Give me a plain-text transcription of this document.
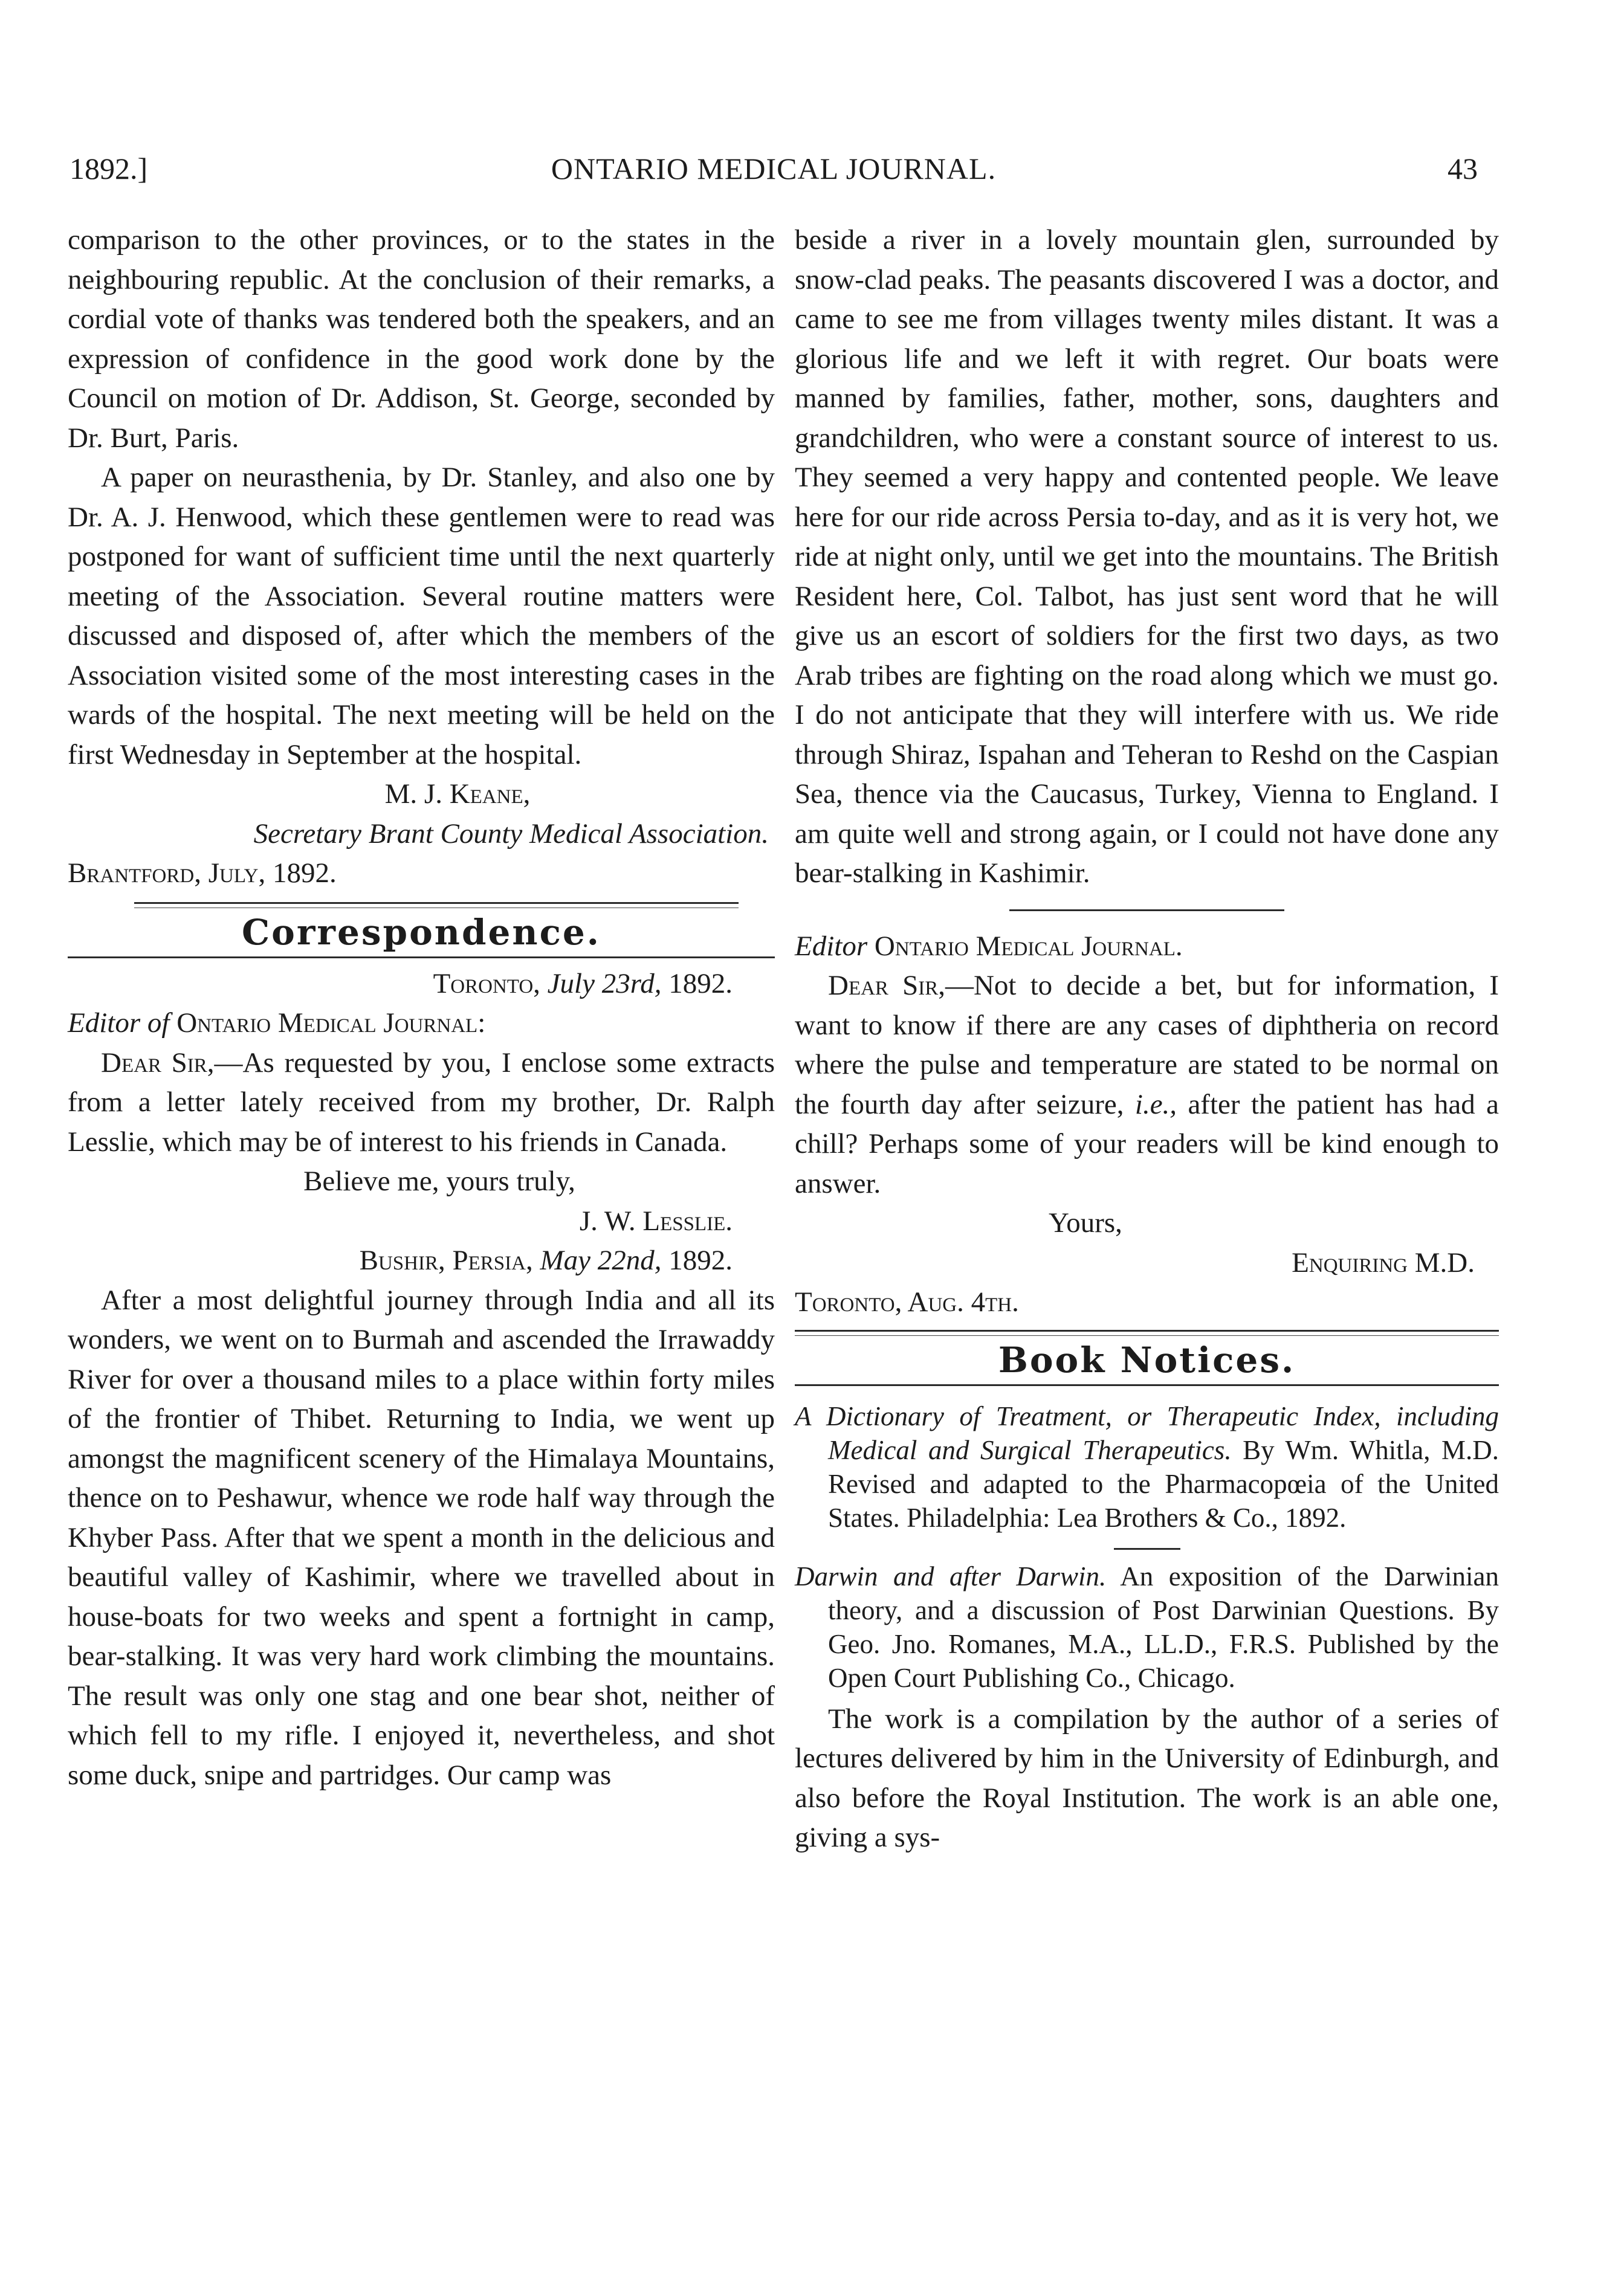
1892.]	ONTARIO MEDICAL JOURNAL.	43

comparison to the other provinces, or to the states in the neighbouring republic. At the conclusion of their remarks, a cordial vote of thanks was tendered both the speakers, and an expression of confidence in the good work done by the Council on motion of Dr. Addison, St. George, seconded by Dr. Burt, Paris.

A paper on neurasthenia, by Dr. Stanley, and also one by Dr. A. J. Henwood, which these gentlemen were to read was postponed for want of sufficient time until the next quarterly meeting of the Association. Several routine matters were discussed and disposed of, after which the members of the Association visited some of the most interesting cases in the wards of the hospital. The next meeting will be held on the first Wednesday in September at the hospital.

M. J. Keane,
Secretary Brant County Medical Association.
Brantford, July, 1892.
Correspondence.
Toronto, July 23rd, 1892.
Editor of Ontario Medical Journal:

Dear Sir,—As requested by you, I enclose some extracts from a letter lately received from my brother, Dr. Ralph Lesslie, which may be of interest to his friends in Canada.

Believe me, yours truly,
J. W. Lesslie.
Bushir, Persia, May 22nd, 1892.

After a most delightful journey through India and all its wonders, we went on to Burmah and ascended the Irrawaddy River for over a thousand miles to a place within forty miles of the frontier of Thibet. Returning to India, we went up amongst the magnificent scenery of the Himalaya Mountains, thence on to Peshawur, whence we rode half way through the Khyber Pass. After that we spent a month in the delicious and beautiful valley of Kashimir, where we travelled about in house-boats for two weeks and spent a fortnight in camp, bear-stalking. It was very hard work climbing the mountains. The result was only one stag and one bear shot, neither of which fell to my rifle. I enjoyed it, nevertheless, and shot some duck, snipe and partridges. Our camp was

beside a river in a lovely mountain glen, surrounded by snow-clad peaks. The peasants discovered I was a doctor, and came to see me from villages twenty miles distant. It was a glorious life and we left it with regret. Our boats were manned by families, father, mother, sons, daughters and grandchildren, who were a constant source of interest to us. They seemed a very happy and contented people. We leave here for our ride across Persia to-day, and as it is very hot, we ride at night only, until we get into the mountains. The British Resident here, Col. Talbot, has just sent word that he will give us an escort of soldiers for the first two days, as two Arab tribes are fighting on the road along which we must go. I do not anticipate that they will interfere with us. We ride through Shiraz, Ispahan and Teheran to Reshd on the Caspian Sea, thence via the Caucasus, Turkey, Vienna to England. I am quite well and strong again, or I could not have done any bear-stalking in Kashimir.

Editor Ontario Medical Journal.

Dear Sir,—Not to decide a bet, but for information, I want to know if there are any cases of diphtheria on record where the pulse and temperature are stated to be normal on the fourth day after seizure, i.e., after the patient has had a chill? Perhaps some of your readers will be kind enough to answer.

Yours,
Enquiring M.D.
Toronto, Aug. 4th.
Book Notices.

A Dictionary of Treatment, or Therapeutic Index, including Medical and Surgical Therapeutics. By Wm. Whitla, M.D. Revised and adapted to the Pharmacopœia of the United States. Philadelphia: Lea Brothers & Co., 1892.

Darwin and after Darwin. An exposition of the Darwinian theory, and a discussion of Post Darwinian Questions. By Geo. Jno. Romanes, M.A., LL.D., F.R.S. Published by the Open Court Publishing Co., Chicago.

The work is a compilation by the author of a series of lectures delivered by him in the University of Edinburgh, and also before the Royal Institution. The work is an able one, giving a sys-
